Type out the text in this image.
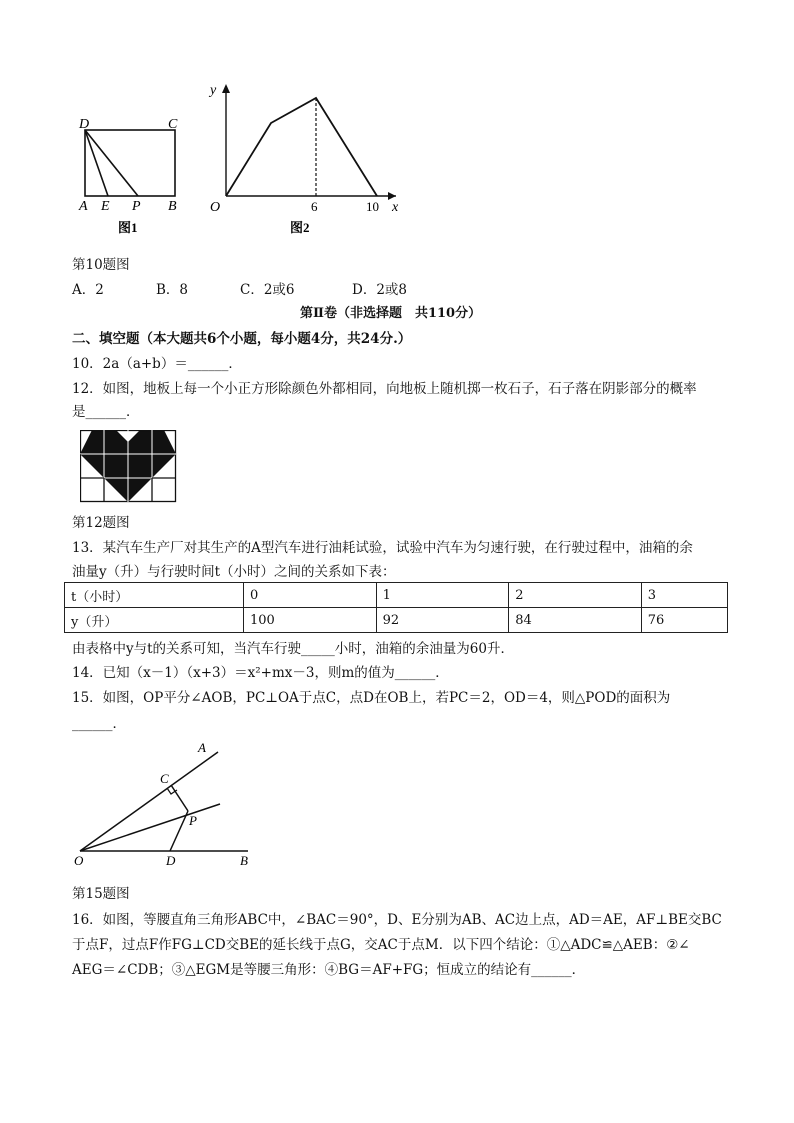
D	C
A E P B
图1
y
O	6	10 x
图2
第10题图
A．2	B．8	C．2或6	D．2或8
第Ⅱ卷（非选择题　共110分）
二、填空题（本大题共6个小题，每小题4分，共24分.）
10．2a（a+b）＝______．
12．如图，地板上每一个小正方形除颜色外都相同，向地板上随机掷一枚石子，石子落在阴影部分的概率
是______．
第12题图
13．某汽车生产厂对其生产的A型汽车进行油耗试验，试验中汽车为匀速行驶，在行驶过程中，油箱的余
油量y（升）与行驶时间t（小时）之间的关系如下表：
t（小时）	0	1	2	3
y（升）	100	92	84	76
由表格中y与t的关系可知，当汽车行驶_____小时，油箱的余油量为60升．
14．已知（x－1）（x+3）＝x²+mx－3，则m的值为______．
15．如图，OP平分∠AOB，PC⊥OA于点C，点D在OB上，若PC＝2，OD＝4，则△POD的面积为
______．
A
C
P
O	D	B
第15题图
16．如图，等腰直角三角形ABC中，∠BAC＝90°，D、E分别为AB、AC边上点，AD＝AE，AF⊥BE交BC
于点F，过点F作FG⊥CD交BE的延长线于点G，交AC于点M．以下四个结论：①△ADC≌△AEB：②∠
AEG＝∠CDB；③△EGM是等腰三角形：④BG＝AF+FG；恒成立的结论有______．
